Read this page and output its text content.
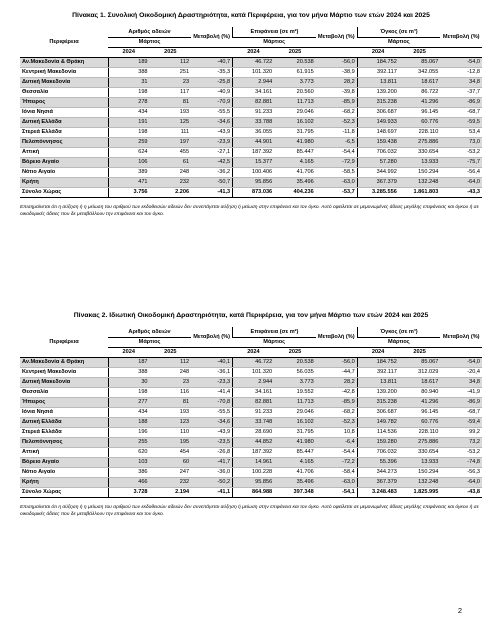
Πίνακας 1. Συνολική Οικοδομική Δραστηριότητα, κατά Περιφέρεια, για τον μήνα Μάρτιο των ετών 2024 και 2025
Περιφέρεια	Αριθμός αδειών		Μεταβολή (%)	Επιφάνεια (σε m²)		Μεταβολή (%)	Όγκος (σε m³)		Μεταβολή (%)
	Μάρτιος			Μάρτιος			Μάρτιος		
	2024	2025		2024	2025		2024	2025	
Αν.Μακεδονία & Θράκη	189	112	-40,7	46.722	20.538	-56,0	184.752	85.067	-54,0
Κεντρική Μακεδονία	388	251	-35,3	101.320	61.915	-38,9	392.117	342.055	-12,8
Δυτική Μακεδονία	31	23	-25,8	2.944	3.773	28,2	13.811	18.617	34,8
Θεσσαλία	198	117	-40,9	34.161	20.560	-39,8	139.200	86.722	-37,7
Ήπειρος	278	81	-70,9	82.881	11.713	-85,9	315.238	41.296	-86,9
Ιόνια Νησιά	434	193	-55,5	91.233	29.046	-68,2	306.687	96.145	-68,7
Δυτική Ελλάδα	191	125	-34,6	33.788	16.102	-52,3	149.933	60.776	-59,5
Στερεά Ελλάδα	198	111	-43,9	36.055	31.795	-11,8	148.697	228.110	53,4
Πελοπόννησος	259	197	-23,9	44.901	41.980	-6,5	159.438	275.886	73,0
Αττική	624	455	-27,1	187.392	85.447	-54,4	706.032	330.654	-53,2
Βόρειο Αιγαίο	106	61	-42,5	15.377	4.165	-72,9	57.280	13.933	-75,7
Νότιο Αιγαίο	389	248	-36,2	100.406	41.706	-58,5	344.992	150.294	-56,4
Κρήτη	471	232	-50,7	95.856	35.496	-63,0	367.379	132.248	-64,0
Σύνολο Χώρας	3.756	2.206	-41,3	873.036	404.236	-53,7	3.285.556	1.861.803	-43,3
Επισημαίνεται ότι η αύξηση ή η μείωση του αριθμού των εκδοθεισών αδειών δεν συνεπάγεται αύξηση ή μείωση στην επιφάνεια και τον όγκο. Αυτό οφείλεται σε μεμονωμένες άδειες μεγάλης επιφάνειας και όγκου ή σε οικοδομικές άδειες που δε μεταβάλλουν την επιφάνεια και τον όγκο.
Πίνακας 2. Ιδιωτική Οικοδομική Δραστηριότητα, κατά Περιφέρεια, για τον μήνα Μάρτιο των ετών 2024 και 2025
Περιφέρεια	Αριθμός αδειών		Μεταβολή (%)	Επιφάνεια (σε m²)		Μεταβολή (%)	Όγκος (σε m³)		Μεταβολή (%)
	Μάρτιος			Μάρτιος			Μάρτιος		
	2024	2025		2024	2025		2024	2025	
Αν.Μακεδονία & Θράκη	187	112	-40,1	46.722	20.538	-56,0	184.752	85.067	-54,0
Κεντρική Μακεδονία	388	248	-36,1	101.320	56.035	-44,7	392.117	312.029	-20,4
Δυτική Μακεδονία	30	23	-23,3	2.944	3.773	28,2	13.811	18.617	34,8
Θεσσαλία	198	116	-41,4	34.161	19.552	-42,8	139.200	80.940	-41,9
Ήπειρος	277	81	-70,8	82.881	11.713	-85,9	315.238	41.296	-86,9
Ιόνια Νησιά	434	193	-55,5	91.233	29.046	-68,2	306.687	96.145	-68,7
Δυτική Ελλάδα	188	123	-34,6	33.748	16.102	-52,3	149.782	60.776	-59,4
Στερεά Ελλάδα	196	110	-43,9	28.690	31.795	10,8	114.536	228.110	99,2
Πελοπόννησος	255	195	-23,5	44.852	41.980	-6,4	159.280	275.886	73,2
Αττική	620	454	-26,8	187.392	85.447	-54,4	706.032	330.654	-53,2
Βόρειο Αιγαίο	103	60	-41,7	14.961	4.165	-72,2	55.396	13.933	-74,8
Νότιο Αιγαίο	386	247	-36,0	100.228	41.706	-58,4	344.273	150.294	-56,3
Κρήτη	466	232	-50,2	95.856	35.496	-63,0	367.379	132.248	-64,0
Σύνολο Χώρας	3.728	2.194	-41,1	864.988	397.348	-54,1	3.248.483	1.825.995	-43,8
Επισημαίνεται ότι η αύξηση ή η μείωση του αριθμού των εκδοθεισών αδειών δεν συνεπάγεται αύξηση ή μείωση στην επιφάνεια και τον όγκο. Αυτό οφείλεται σε μεμονωμένες άδειες μεγάλης επιφάνειας και όγκου ή σε οικοδομικές άδειες που δε μεταβάλλουν την επιφάνεια και τον όγκο.
2
